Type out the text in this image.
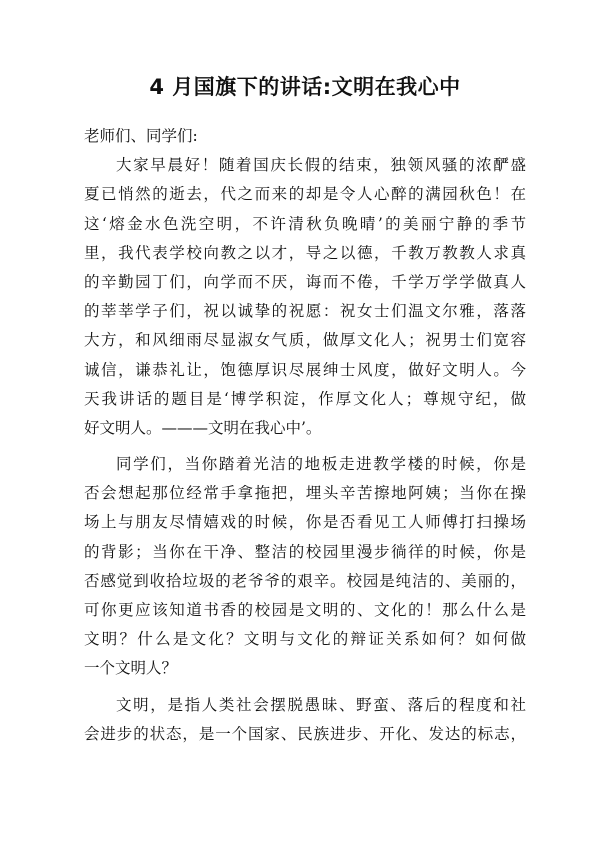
4 月国旗下的讲话:文明在我心中
老师们、同学们:
大家早晨好！随着国庆长假的结束，独领风骚的浓酽盛
夏已悄然的逝去，代之而来的却是令人心醉的满园秋色！在
这‘熔金水色洗空明，不许清秋负晚晴’的美丽宁静的季节
里，我代表学校向教之以才，导之以德，千教万教教人求真
的辛勤园丁们，向学而不厌，诲而不倦，千学万学学做真人
的莘莘学子们，祝以诚挚的祝愿：祝女士们温文尔雅，落落
大方，和风细雨尽显淑女气质，做厚文化人；祝男士们宽容
诚信，谦恭礼让，饱德厚识尽展绅士风度，做好文明人。今
天我讲话的题目是‘博学积淀，作厚文化人；尊规守纪，做
好文明人。———文明在我心中’。
同学们，当你踏着光洁的地板走进教学楼的时候，你是
否会想起那位经常手拿拖把，埋头辛苦擦地阿姨；当你在操
场上与朋友尽情嬉戏的时候，你是否看见工人师傅打扫操场
的背影；当你在干净、整洁的校园里漫步徜徉的时候，你是
否感觉到收拾垃圾的老爷爷的艰辛。校园是纯洁的、美丽的，
可你更应该知道书香的校园是文明的、文化的！那么什么是
文明？什么是文化？文明与文化的辩证关系如何？如何做
一个文明人？
文明，是指人类社会摆脱愚昧、野蛮、落后的程度和社
会进步的状态，是一个国家、民族进步、开化、发达的标志，
